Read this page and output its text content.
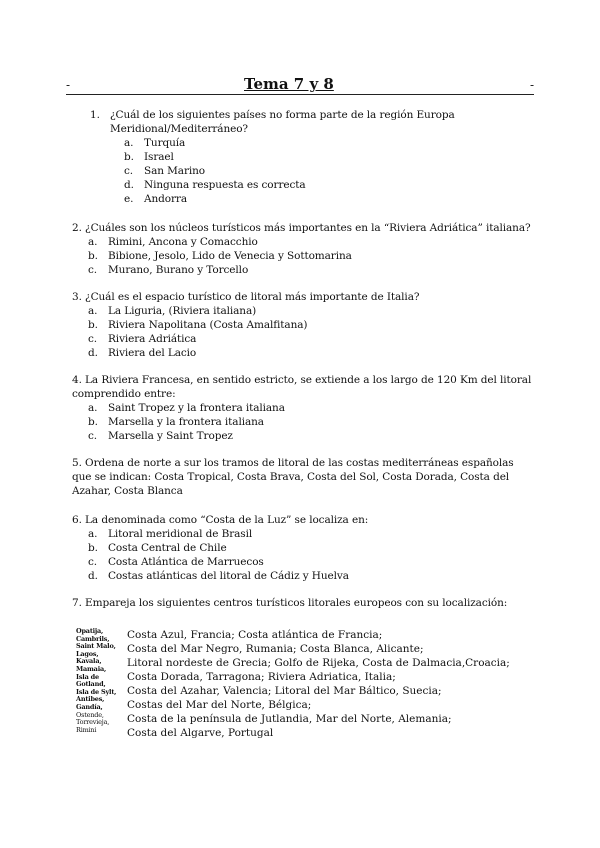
-	Tema 7 y 8	-
1. ¿Cuál de los siguientes países no forma parte de la región Europa Meridional/Mediterráneo?

a. Turquía
b. Israel
c. San Marino
d. Ninguna respuesta es correcta
e. Andorra

2. ¿Cuáles son los núcleos turísticos más importantes en la “Riviera Adriática” italiana?

a. Rimini, Ancona y Comacchio
b. Bibione, Jesolo, Lido de Venecia y Sottomarina
c. Murano, Burano y Torcello

3. ¿Cuál es el espacio turístico de litoral más importante de Italia?

a. La Liguria, (Riviera italiana)
b. Riviera Napolitana (Costa Amalfitana)
c. Riviera Adriática
d. Riviera del Lacio

4. La Riviera Francesa, en sentido estricto, se extiende a los largo de 120 Km del litoral comprendido entre:

a. Saint Tropez y la frontera italiana
b. Marsella y la frontera italiana
c. Marsella y Saint Tropez

5. Ordena de norte a sur los tramos de litoral de las costas mediterráneas españolas que se indican: Costa Tropical, Costa Brava, Costa del Sol, Costa Dorada, Costa del Azahar, Costa Blanca

6. La denominada como “Costa de la Luz” se localiza en:

a. Litoral meridional de Brasil
b. Costa Central de Chile
c. Costa Atlántica de Marruecos
d. Costas atlánticas del litoral de Cádiz y Huelva

7. Empareja los siguientes centros turísticos litorales europeos con su localización:

Opatija,
Cambrils,
Saint Malo,
Lagos,
Kavala,
Mamaia,
Isla de
Gotland,
Isla de Sylt,
Antibes,
Gandía,
Ostende,
Torrevieja,
Rimini
Costa Azul, Francia; Costa atlántica de Francia;
Costa del Mar Negro, Rumania; Costa Blanca, Alicante;
Litoral nordeste de Grecia; Golfo de Rijeka, Costa de Dalmacia,Croacia;
Costa Dorada, Tarragona; Riviera Adriatica, Italia;
Costa del Azahar, Valencia; Litoral del Mar Báltico, Suecia;
Costas del Mar del Norte, Bélgica;
Costa de la península de Jutlandia, Mar del Norte, Alemania;
Costa del Algarve, Portugal
